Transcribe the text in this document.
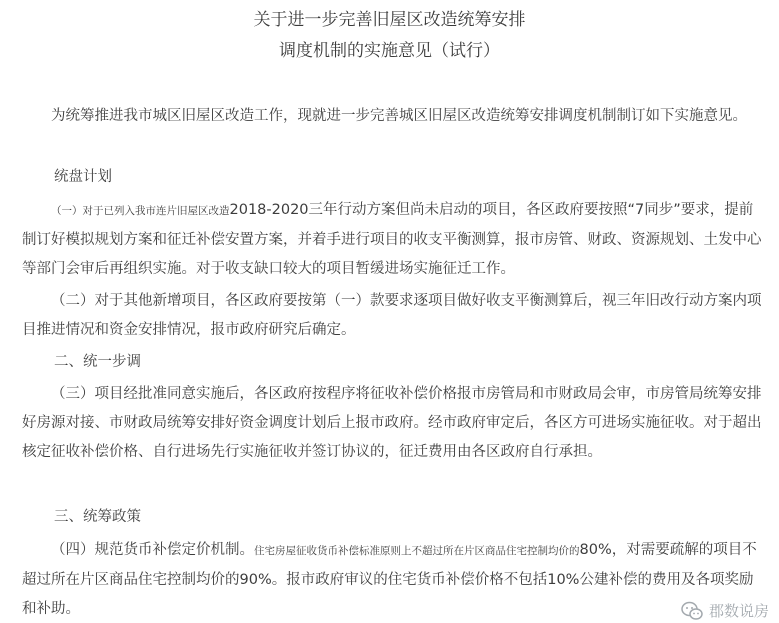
关于进一步完善旧屋区改造统筹安排
调度机制的实施意见（试行）

为统筹推进我市城区旧屋区改造工作，现就进一步完善城区旧屋区改造统筹安排调度机制制订如下实施意见。

统盘计划

（一）对于已列入我市连片旧屋区改造2018-2020三年行动方案但尚未启动的项目，各区政府要按照“7同步”要求，提前制订好模拟规划方案和征迁补偿安置方案，并着手进行项目的收支平衡测算，报市房管、财政、资源规划、土发中心等部门会审后再组织实施。对于收支缺口较大的项目暂缓进场实施征迁工作。

（二）对于其他新增项目，各区政府要按第（一）款要求逐项目做好收支平衡测算后，视三年旧改行动方案内项目推进情况和资金安排情况，报市政府研究后确定。

二、统一步调

（三）项目经批准同意实施后，各区政府按程序将征收补偿价格报市房管局和市财政局会审，市房管局统筹安排好房源对接、市财政局统筹安排好资金调度计划后上报市政府。经市政府审定后，各区方可进场实施征收。对于超出核定征收补偿价格、自行进场先行实施征收并签订协议的，征迁费用由各区政府自行承担。

三、统筹政策

（四）规范货币补偿定价机制。住宅房屋征收货币补偿标准原则上不超过所在片区商品住宅控制均价的80%，对需要疏解的项目不超过所在片区商品住宅控制均价的90%。报市政府审议的住宅货币补偿价格不包括10%公建补偿的费用及各项奖励和补助。	郡数说房
